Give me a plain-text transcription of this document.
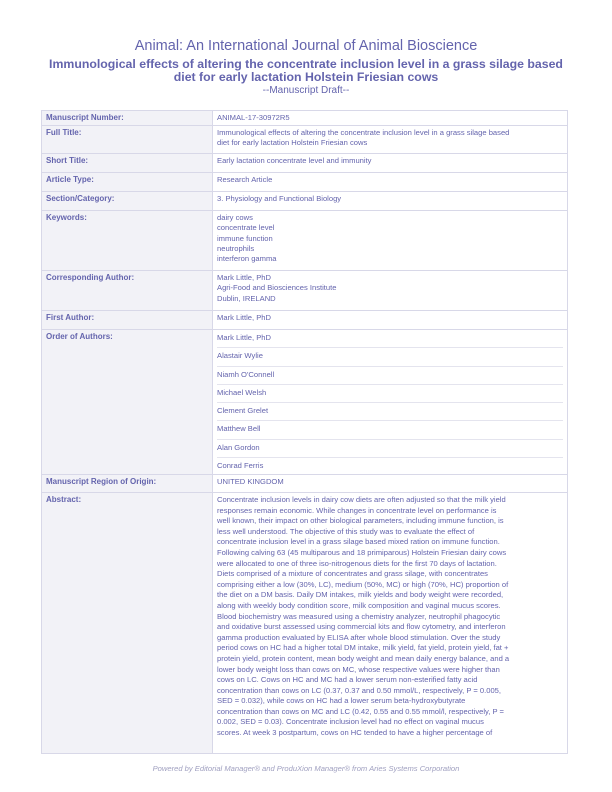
Animal: An International Journal of Animal Bioscience
Immunological effects of altering the concentrate inclusion level in a grass silage based
diet for early lactation Holstein Friesian cows
--Manuscript Draft--
Manuscript Number:	ANIMAL-17-30972R5
Full Title:	Immunological effects of altering the concentrate inclusion level in a grass silage based
diet for early lactation Holstein Friesian cows
Short Title:	Early lactation concentrate level and immunity
Article Type:	Research Article
Section/Category:	3. Physiology and Functional Biology
Keywords:	dairy cows
concentrate level
immune function
neutrophils
interferon gamma
Corresponding Author:	Mark Little, PhD
Agri-Food and Biosciences Institute
Dublin, IRELAND
First Author:	Mark Little, PhD
Order of Authors:	Mark Little, PhD
Alastair Wylie
Niamh O'Connell
Michael Welsh
Clement Grelet
Matthew Bell
Alan Gordon
Conrad Ferris
Manuscript Region of Origin:	UNITED KINGDOM
Abstract:	Concentrate inclusion levels in dairy cow diets are often adjusted so that the milk yield
responses remain economic. While changes in concentrate level on performance is
well known, their impact on other biological parameters, including immune function, is
less well understood. The objective of this study was to evaluate the effect of
concentrate inclusion level in a grass silage based mixed ration on immune function.
Following calving 63 (45 multiparous and 18 primiparous) Holstein Friesian dairy cows
were allocated to one of three iso-nitrogenous diets for the first 70 days of lactation.
Diets comprised of a mixture of concentrates and grass silage, with concentrates
comprising either a low (30%, LC), medium (50%, MC) or high (70%, HC) proportion of
the diet on a DM basis. Daily DM intakes, milk yields and body weight were recorded,
along with weekly body condition score, milk composition and vaginal mucus scores.
Blood biochemistry was measured using a chemistry analyzer, neutrophil phagocytic
and oxidative burst assessed using commercial kits and flow cytometry, and interferon
gamma production evaluated by ELISA after whole blood stimulation. Over the study
period cows on HC had a higher total DM intake, milk yield, fat yield, protein yield, fat +
protein yield, protein content, mean body weight and mean daily energy balance, and a
lower body weight loss than cows on MC, whose respective values were higher than
cows on LC. Cows on HC and MC had a lower serum non-esterified fatty acid
concentration than cows on LC (0.37, 0.37 and 0.50 mmol/L, respectively, P = 0.005,
SED = 0.032), while cows on HC had a lower serum beta-hydroxybutyrate
concentration than cows on MC and LC (0.42, 0.55 and 0.55 mmol/l, respectively, P =
0.002, SED = 0.03). Concentrate inclusion level had no effect on vaginal mucus
scores. At week 3 postpartum, cows on HC tended to have a higher percentage of
Powered by Editorial Manager® and ProduXion Manager® from Aries Systems Corporation
